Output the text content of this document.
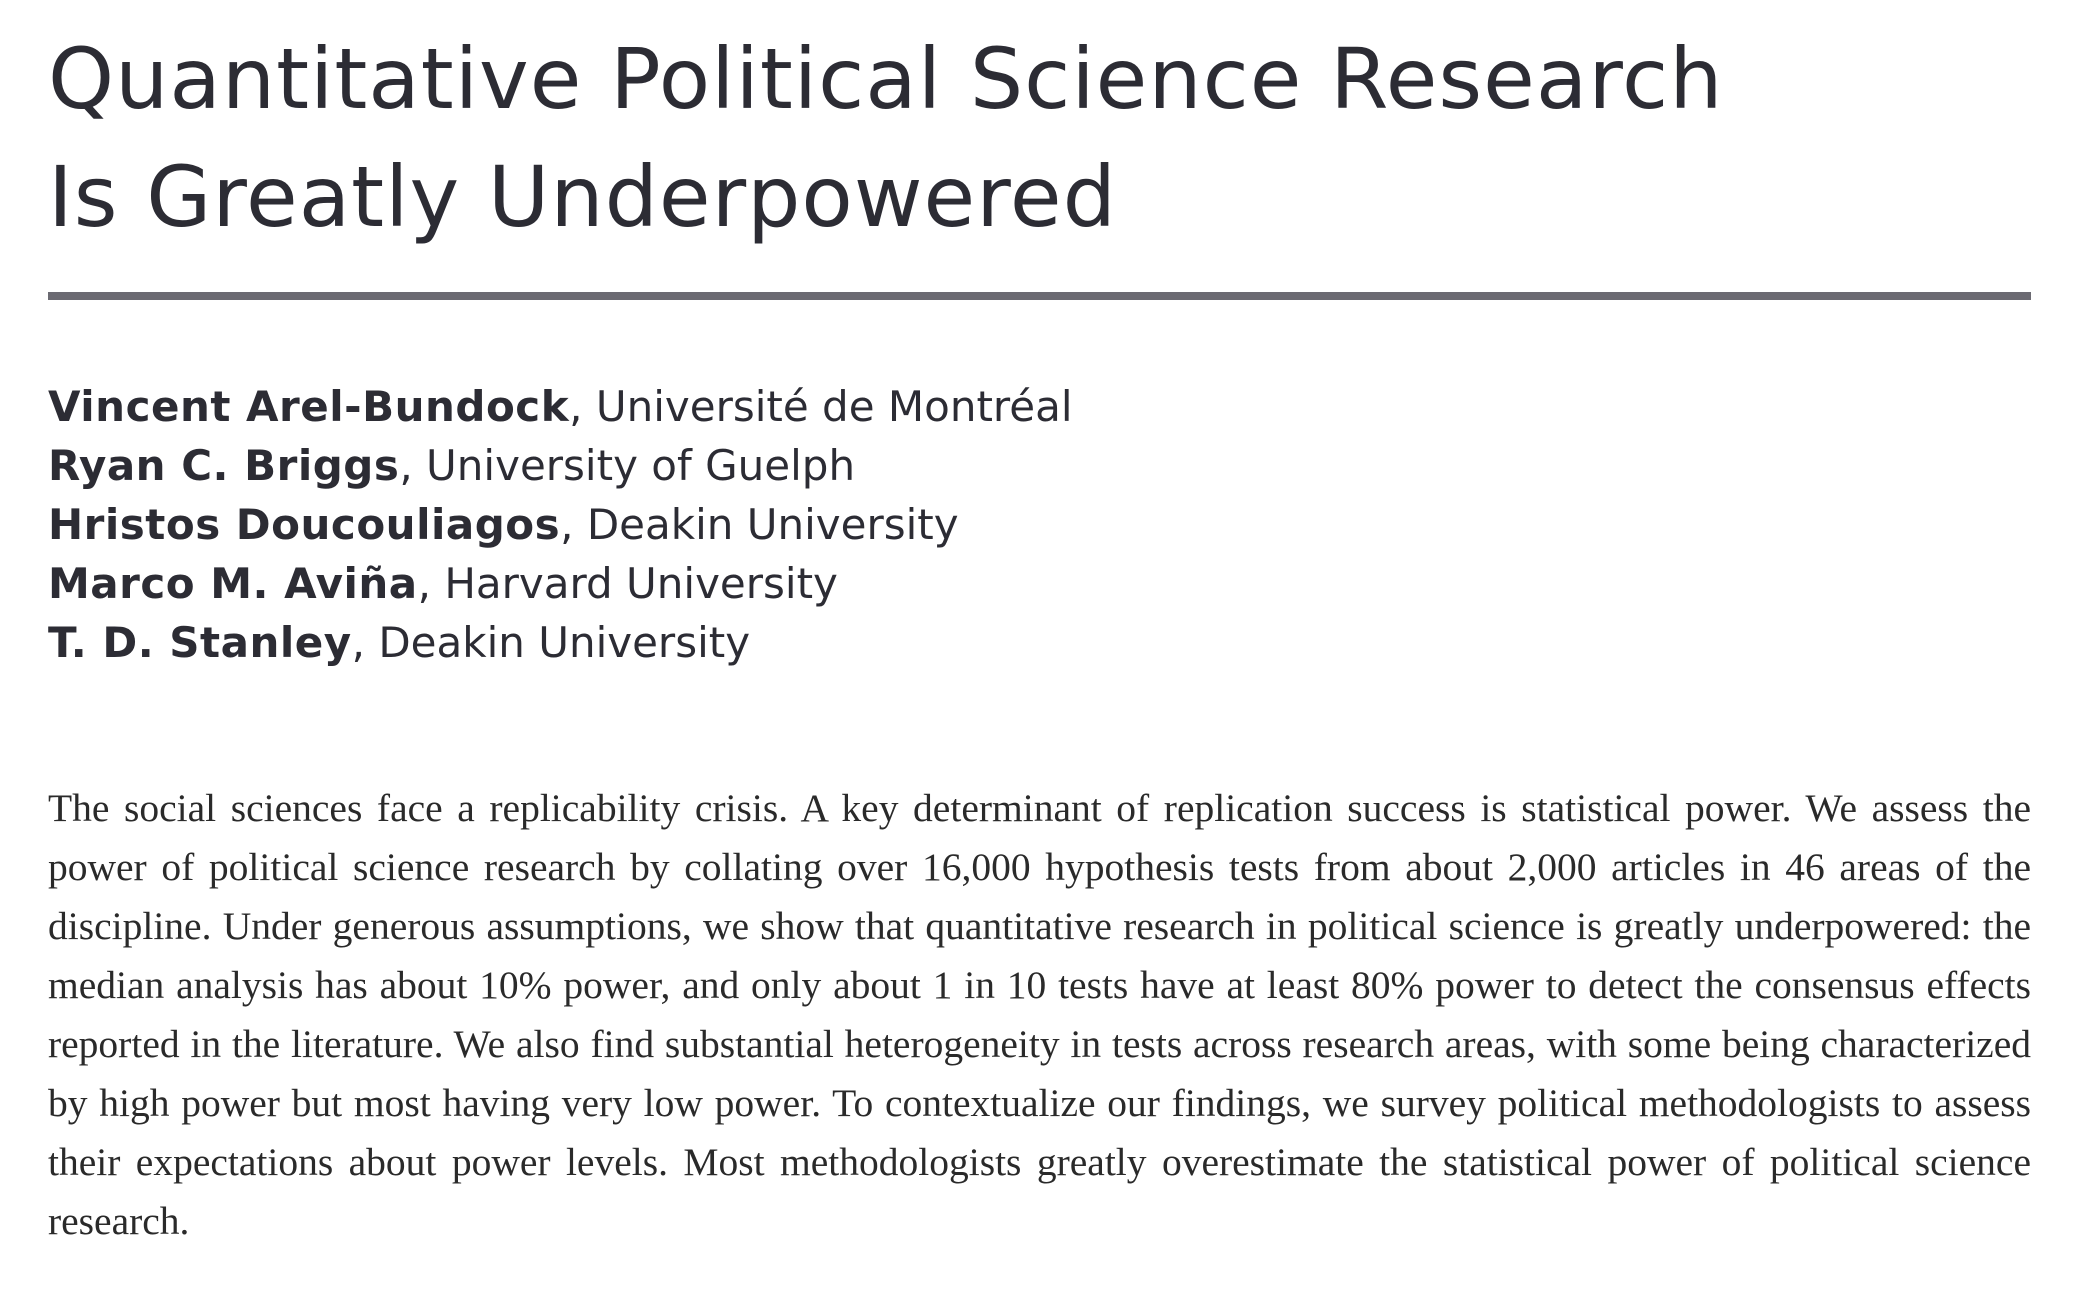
Quantitative Political Science Research
Is Greatly Underpowered
Vincent Arel-Bundock, Université de Montréal
Ryan C. Briggs, University of Guelph
Hristos Doucouliagos, Deakin University
Marco M. Aviña, Harvard University
T. D. Stanley, Deakin University

The social sciences face a replicability crisis. A key determinant of replication success is statistical power. We assess the power of political science research by collating over 16,000 hypothesis tests from about 2,000 articles in 46 areas of the discipline. Under generous assumptions, we show that quantitative research in political science is greatly underpowered: the median analysis has about 10% power, and only about 1 in 10 tests have at least 80% power to detect the consensus effects reported in the literature. We also find substantial heterogeneity in tests across research areas, with some being characterized by high power but most having very low power. To contextualize our findings, we survey political methodologists to assess their expectations about power levels. Most methodologists greatly overestimate the statistical power of political science research.
